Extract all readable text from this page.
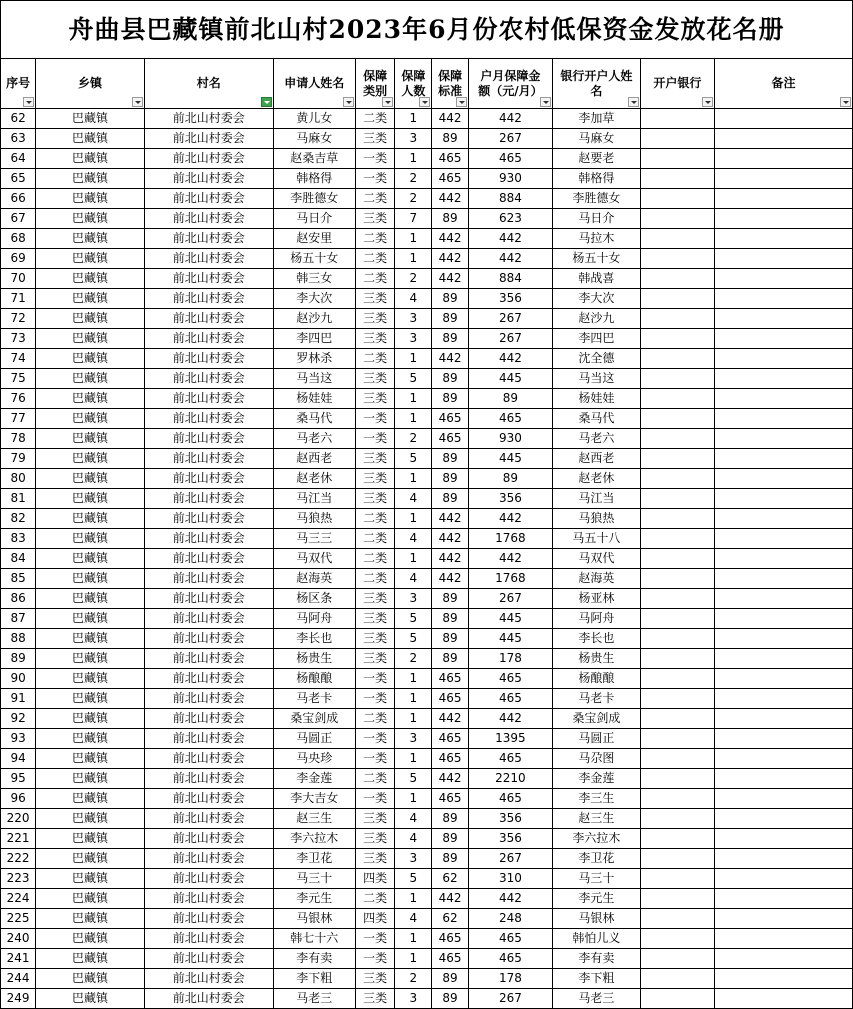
舟曲县巴藏镇前北山村2023年6月份农村低保资金发放花名册
序号	乡镇	村名	申请人姓名	保障类别	保障人数	保障标准	户月保障金额（元/月）	银行开户人姓名	开户银行	备注

62	巴藏镇	前北山村委会	黄儿女	二类	1	442	442	李加草		
63	巴藏镇	前北山村委会	马麻女	三类	3	89	267	马麻女		
64	巴藏镇	前北山村委会	赵桑吉草	一类	1	465	465	赵要老		
65	巴藏镇	前北山村委会	韩格得	一类	2	465	930	韩格得		
66	巴藏镇	前北山村委会	李胜德女	二类	2	442	884	李胜德女		
67	巴藏镇	前北山村委会	马日介	三类	7	89	623	马日介		
68	巴藏镇	前北山村委会	赵安里	二类	1	442	442	马拉木		
69	巴藏镇	前北山村委会	杨五十女	二类	1	442	442	杨五十女		
70	巴藏镇	前北山村委会	韩三女	二类	2	442	884	韩战喜		
71	巴藏镇	前北山村委会	李大次	三类	4	89	356	李大次		
72	巴藏镇	前北山村委会	赵沙九	三类	3	89	267	赵沙九		
73	巴藏镇	前北山村委会	李四巴	三类	3	89	267	李四巴		
74	巴藏镇	前北山村委会	罗林杀	二类	1	442	442	沈全德		
75	巴藏镇	前北山村委会	马当这	三类	5	89	445	马当这		
76	巴藏镇	前北山村委会	杨娃娃	三类	1	89	89	杨娃娃		
77	巴藏镇	前北山村委会	桑马代	一类	1	465	465	桑马代		
78	巴藏镇	前北山村委会	马老六	一类	2	465	930	马老六		
79	巴藏镇	前北山村委会	赵西老	三类	5	89	445	赵西老		
80	巴藏镇	前北山村委会	赵老休	三类	1	89	89	赵老休		
81	巴藏镇	前北山村委会	马江当	三类	4	89	356	马江当		
82	巴藏镇	前北山村委会	马狼热	二类	1	442	442	马狼热		
83	巴藏镇	前北山村委会	马三三	二类	4	442	1768	马五十八		
84	巴藏镇	前北山村委会	马双代	二类	1	442	442	马双代		
85	巴藏镇	前北山村委会	赵海英	二类	4	442	1768	赵海英		
86	巴藏镇	前北山村委会	杨区条	三类	3	89	267	杨亚林		
87	巴藏镇	前北山村委会	马阿舟	三类	5	89	445	马阿舟		
88	巴藏镇	前北山村委会	李长也	三类	5	89	445	李长也		
89	巴藏镇	前北山村委会	杨贵生	三类	2	89	178	杨贵生		
90	巴藏镇	前北山村委会	杨酿酿	一类	1	465	465	杨酿酿		
91	巴藏镇	前北山村委会	马老卡	一类	1	465	465	马老卡		
92	巴藏镇	前北山村委会	桑宝剑成	二类	1	442	442	桑宝剑成		
93	巴藏镇	前北山村委会	马圆正	一类	3	465	1395	马圆正		
94	巴藏镇	前北山村委会	马央珍	一类	1	465	465	马尕图		
95	巴藏镇	前北山村委会	李金莲	二类	5	442	2210	李金莲		
96	巴藏镇	前北山村委会	李大吉女	一类	1	465	465	李三生		
220	巴藏镇	前北山村委会	赵三生	三类	4	89	356	赵三生		
221	巴藏镇	前北山村委会	李六拉木	三类	4	89	356	李六拉木		
222	巴藏镇	前北山村委会	李卫花	三类	3	89	267	李卫花		
223	巴藏镇	前北山村委会	马三十	四类	5	62	310	马三十		
224	巴藏镇	前北山村委会	李元生	二类	1	442	442	李元生		
225	巴藏镇	前北山村委会	马银林	四类	4	62	248	马银林		
240	巴藏镇	前北山村委会	韩七十六	一类	1	465	465	韩怕儿义		
241	巴藏镇	前北山村委会	李有卖	一类	1	465	465	李有卖		
244	巴藏镇	前北山村委会	李下粗	三类	2	89	178	李下粗		
249	巴藏镇	前北山村委会	马老三	三类	3	89	267	马老三		
